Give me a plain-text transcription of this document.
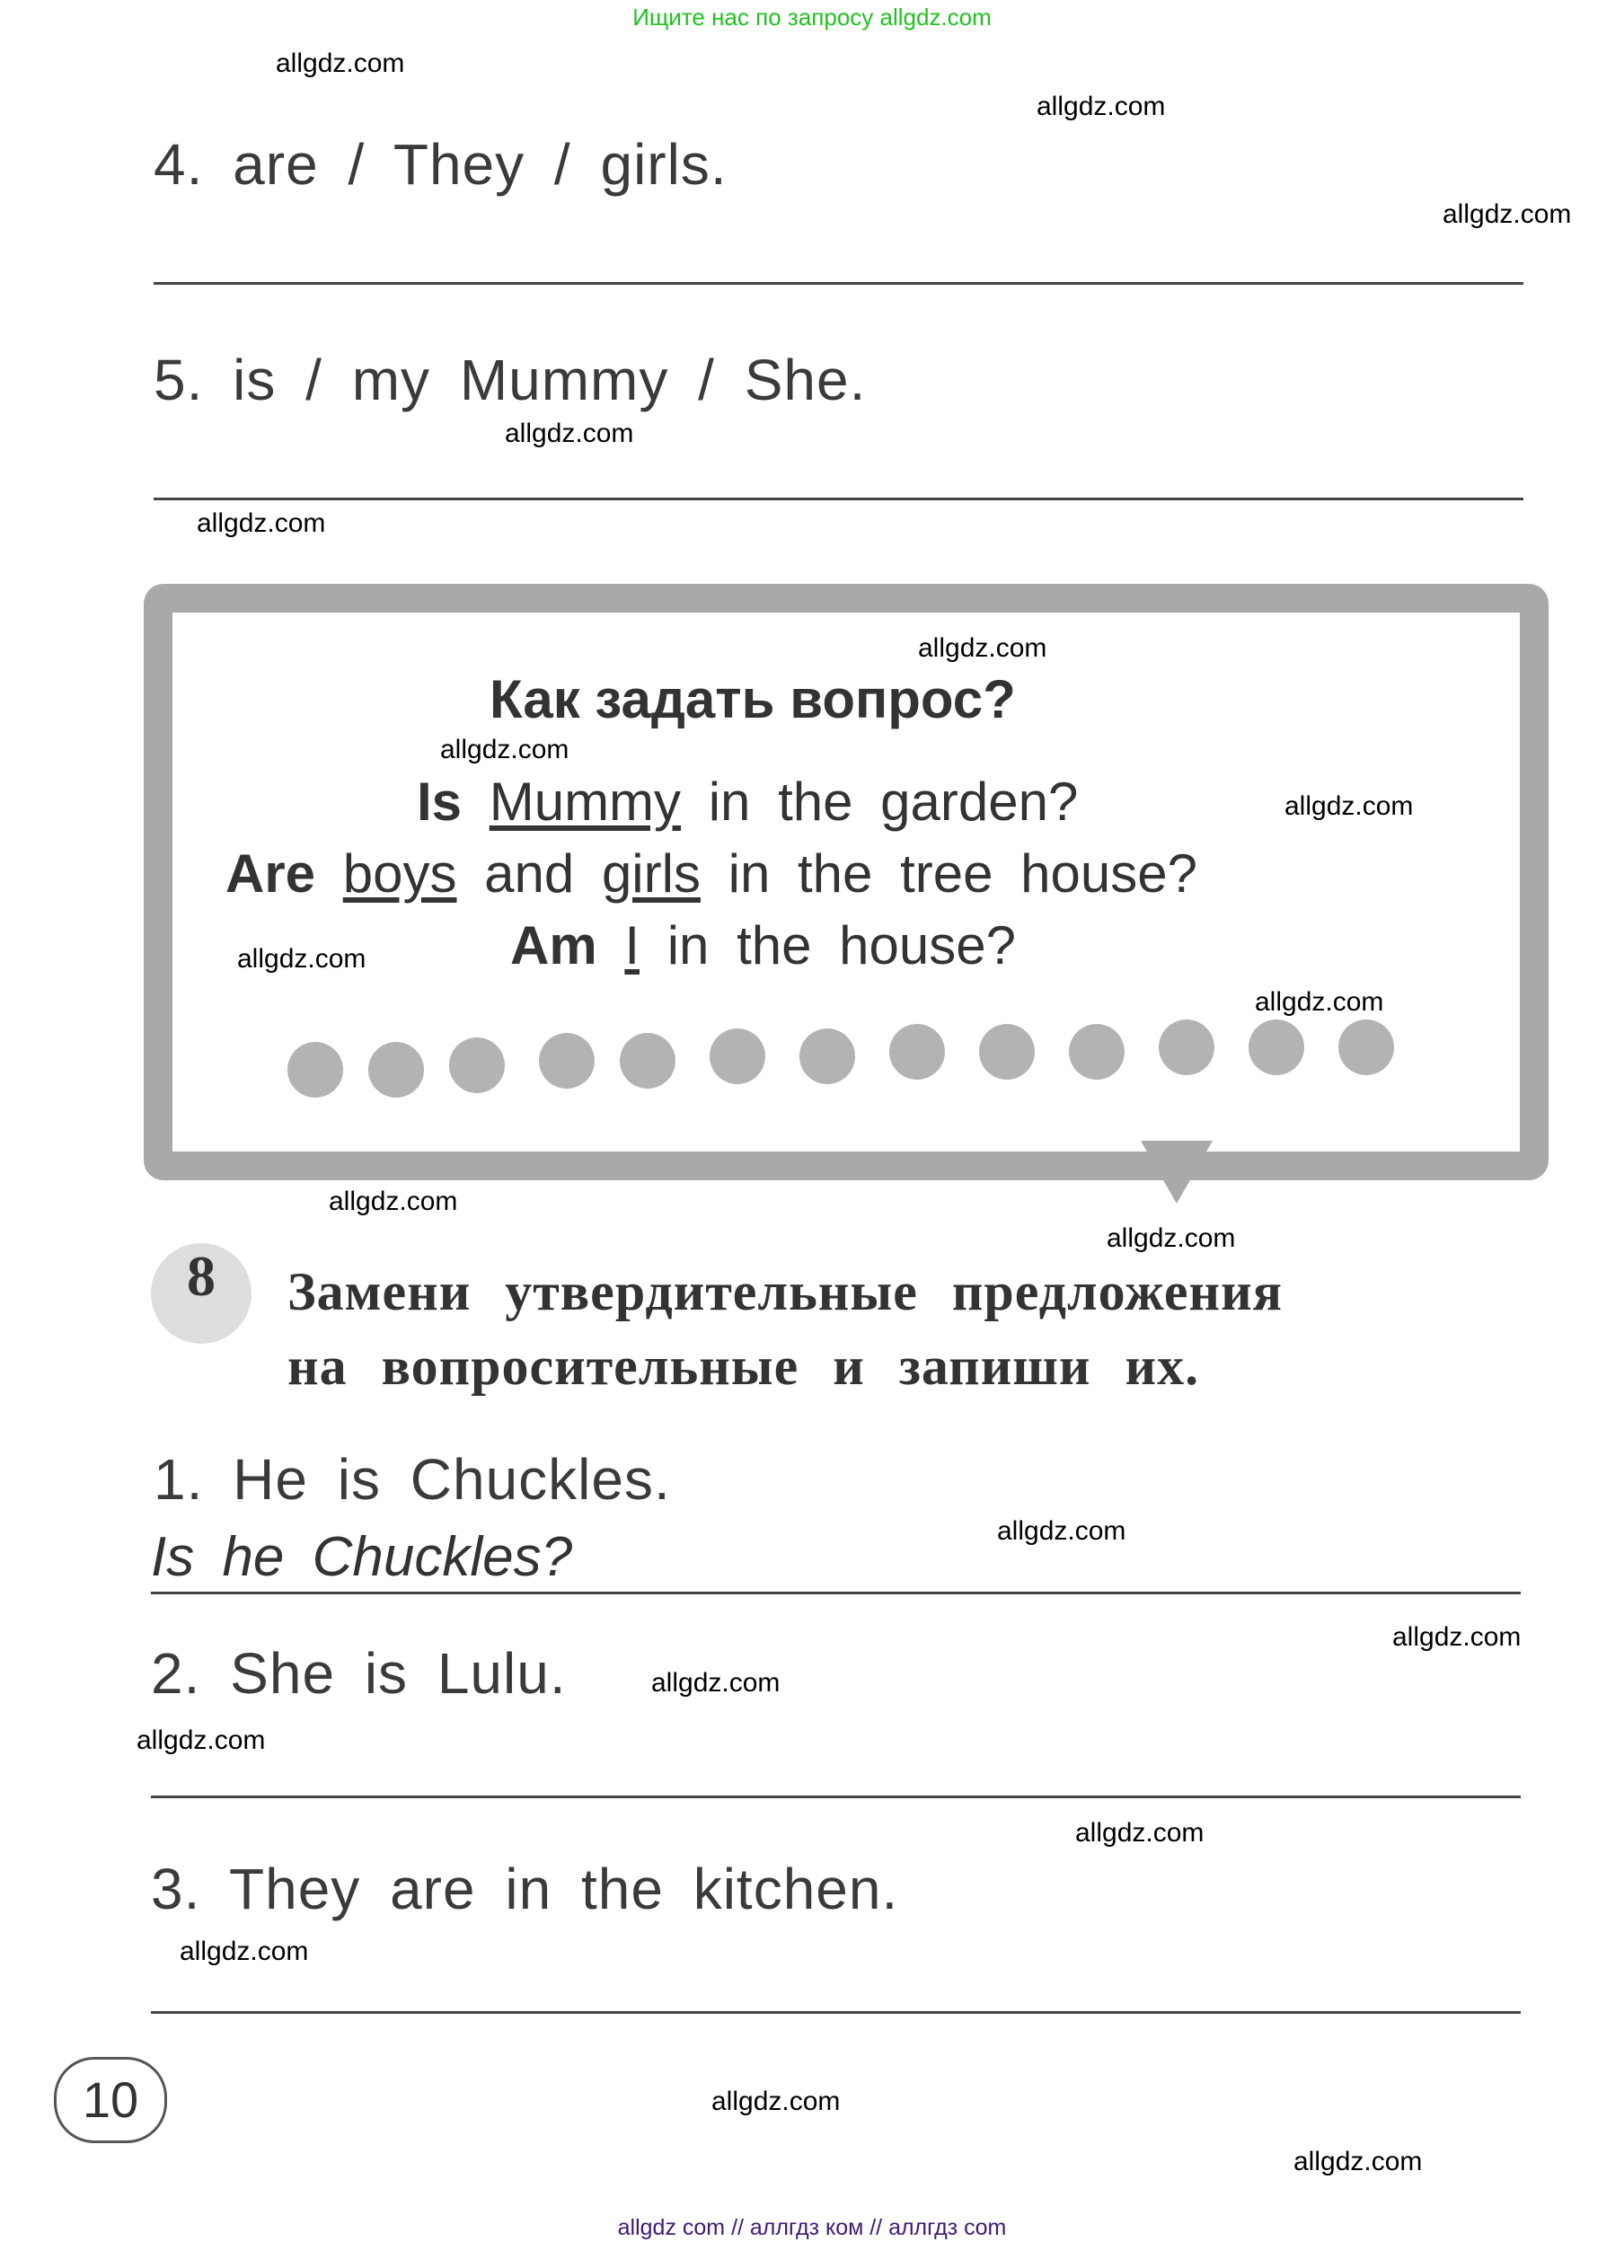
Ищите нас по запросу allgdz.com
4. are / They / girls.
5. is / my Mummy / She.
Как задать вопрос?
Is Mummy in the garden?
Are boys and girls in the tree house?
Am I in the house?
8	Замени утвердительные предложения
на вопросительные и запиши их.
1. He is Chuckles.
Is he Chuckles?
2. She is Lulu.
3. They are in the kitchen.
10
allgdz.com
allgdz.com
allgdz.com
allgdz.com
allgdz.com
allgdz.com
allgdz.com
allgdz.com
allgdz.com
allgdz.com
allgdz.com
allgdz.com
allgdz.com
allgdz.com
allgdz.com
allgdz.com
allgdz.com
allgdz.com
allgdz.com
allgdz.com
allgdz com // аллгдз ком // аллгдз com
